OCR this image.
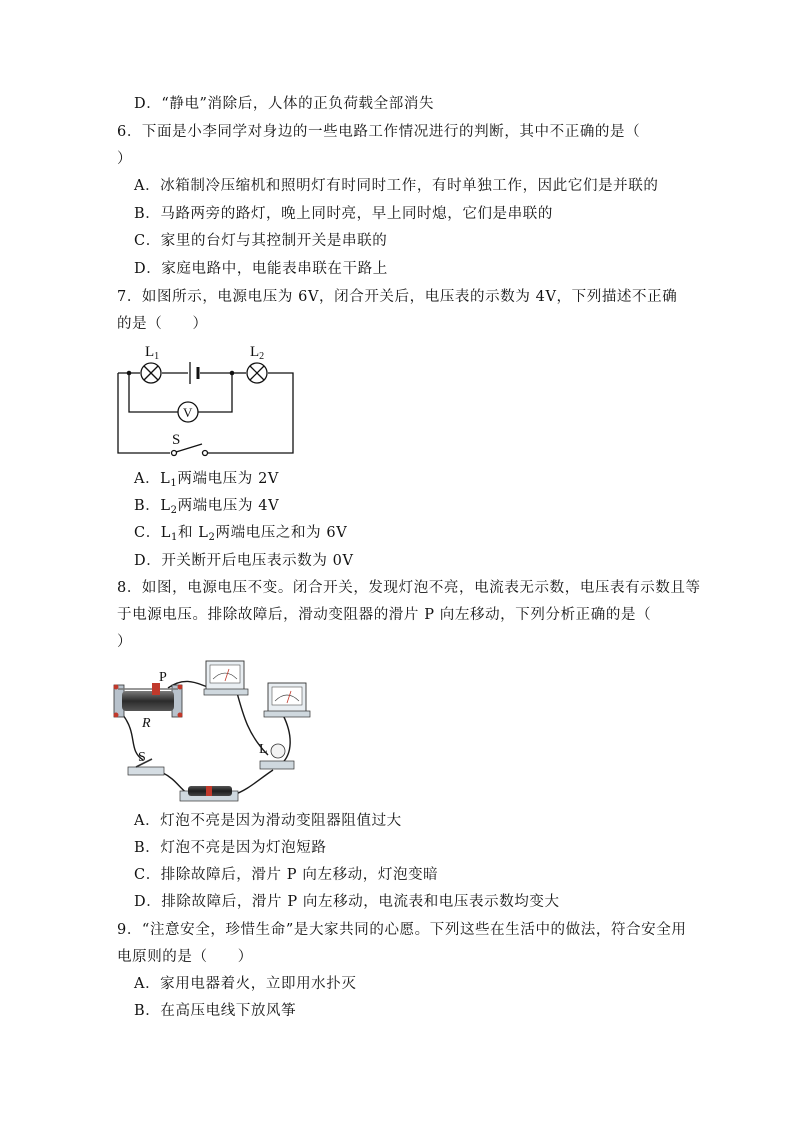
D．“静电”消除后，人体的正负荷载全部消失
6．下面是小李同学对身边的一些电路工作情况进行的判断，其中不正确的是（
）
A．冰箱制冷压缩机和照明灯有时同时工作，有时单独工作，因此它们是并联的
B．马路两旁的路灯，晚上同时亮，早上同时熄，它们是串联的
C．家里的台灯与其控制开关是串联的
D．家庭电路中，电能表串联在干路上
7．如图所示，电源电压为 6V，闭合开关后，电压表的示数为 4V，下列描述不正确
的是（　　）
$L_1$	$L_2$
V
S
A．$L_1$两端电压为 2V
B．$L_2$两端电压为 4V
C．$L_1$和 $L_2$两端电压之和为 6V
D．开关断开后电压表示数为 0V
8．如图，电源电压不变。闭合开关，发现灯泡不亮，电流表无示数，电压表有示数且等
于电源电压。排除故障后，滑动变阻器的滑片 P 向左移动，下列分析正确的是（
）
P
R
S
L
A．灯泡不亮是因为滑动变阻器阻值过大
B．灯泡不亮是因为灯泡短路
C．排除故障后，滑片 P 向左移动，灯泡变暗
D．排除故障后，滑片 P 向左移动，电流表和电压表示数均变大
9．“注意安全，珍惜生命”是大家共同的心愿。下列这些在生活中的做法，符合安全用
电原则的是（　　）
A．家用电器着火，立即用水扑灭
B．在高压电线下放风筝
